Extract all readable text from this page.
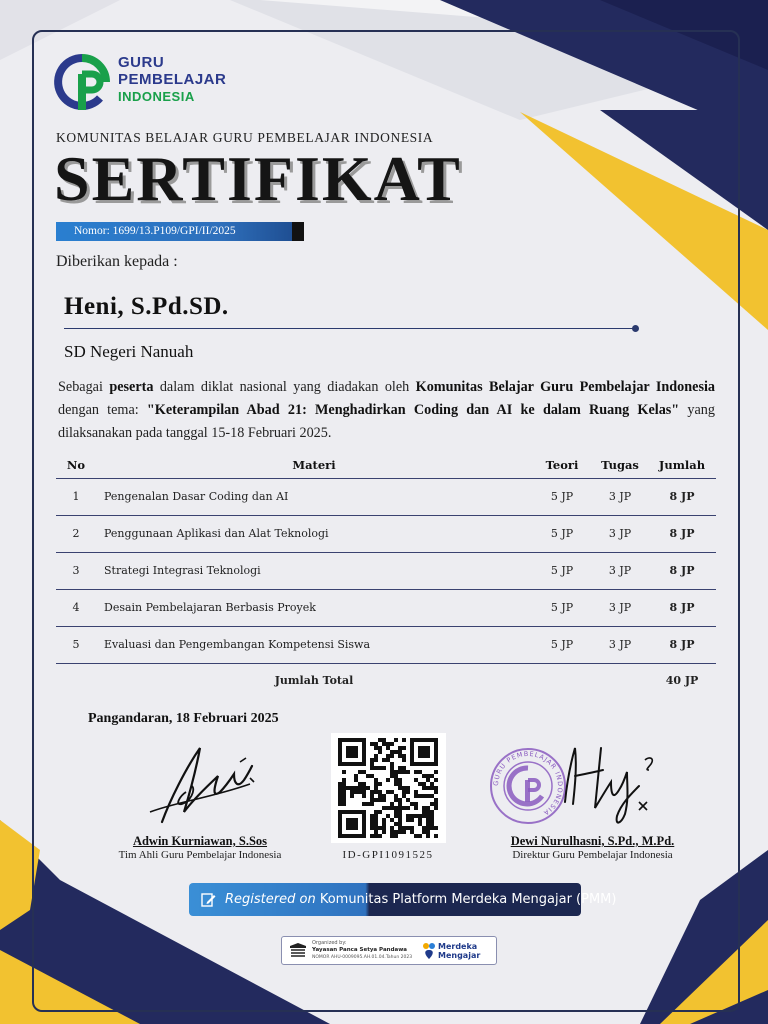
GURU
PEMBELAJAR
INDONESIA
KOMUNITAS BELAJAR GURU PEMBELAJAR INDONESIA
SERTIFIKAT
Nomor: 1699/13.P109/GPI/II/2025
Diberikan kepada :
Heni, S.Pd.SD.
SD Negeri Nanuah
Sebagai peserta dalam diklat nasional yang diadakan oleh Komunitas Belajar Guru Pembelajar Indonesia dengan tema: "Keterampilan Abad 21: Menghadirkan Coding dan AI ke dalam Ruang Kelas" yang dilaksanakan pada tanggal 15-18 Februari 2025.
No	Materi	Teori	Tugas	Jumlah
1	Pengenalan Dasar Coding dan AI	5 JP	3 JP	8 JP
2	Penggunaan Aplikasi dan Alat Teknologi	5 JP	3 JP	8 JP
3	Strategi Integrasi Teknologi	5 JP	3 JP	8 JP
4	Desain Pembelajaran Berbasis Proyek	5 JP	3 JP	8 JP
5	Evaluasi dan Pengembangan Kompetensi Siswa	5 JP	3 JP	8 JP
	Jumlah Total			40 JP
Pangandaran, 18 Februari 2025
Adwin Kurniawan, S.Sos
Tim Ahli Guru Pembelajar Indonesia	ID-GPI1091525
GURU PEMBELAJAR INDONESIA
Dewi Nurulhasni, S.Pd., M.Pd.
Direktur Guru Pembelajar Indonesia
Registered on Komunitas Platform Merdeka Mengajar (PMM)
Organized by:
Yayasan Panca Setya Pandawa
NOMOR AHU-0009095.AH.01.04.Tahun 2023
Merdeka
Mengajar
